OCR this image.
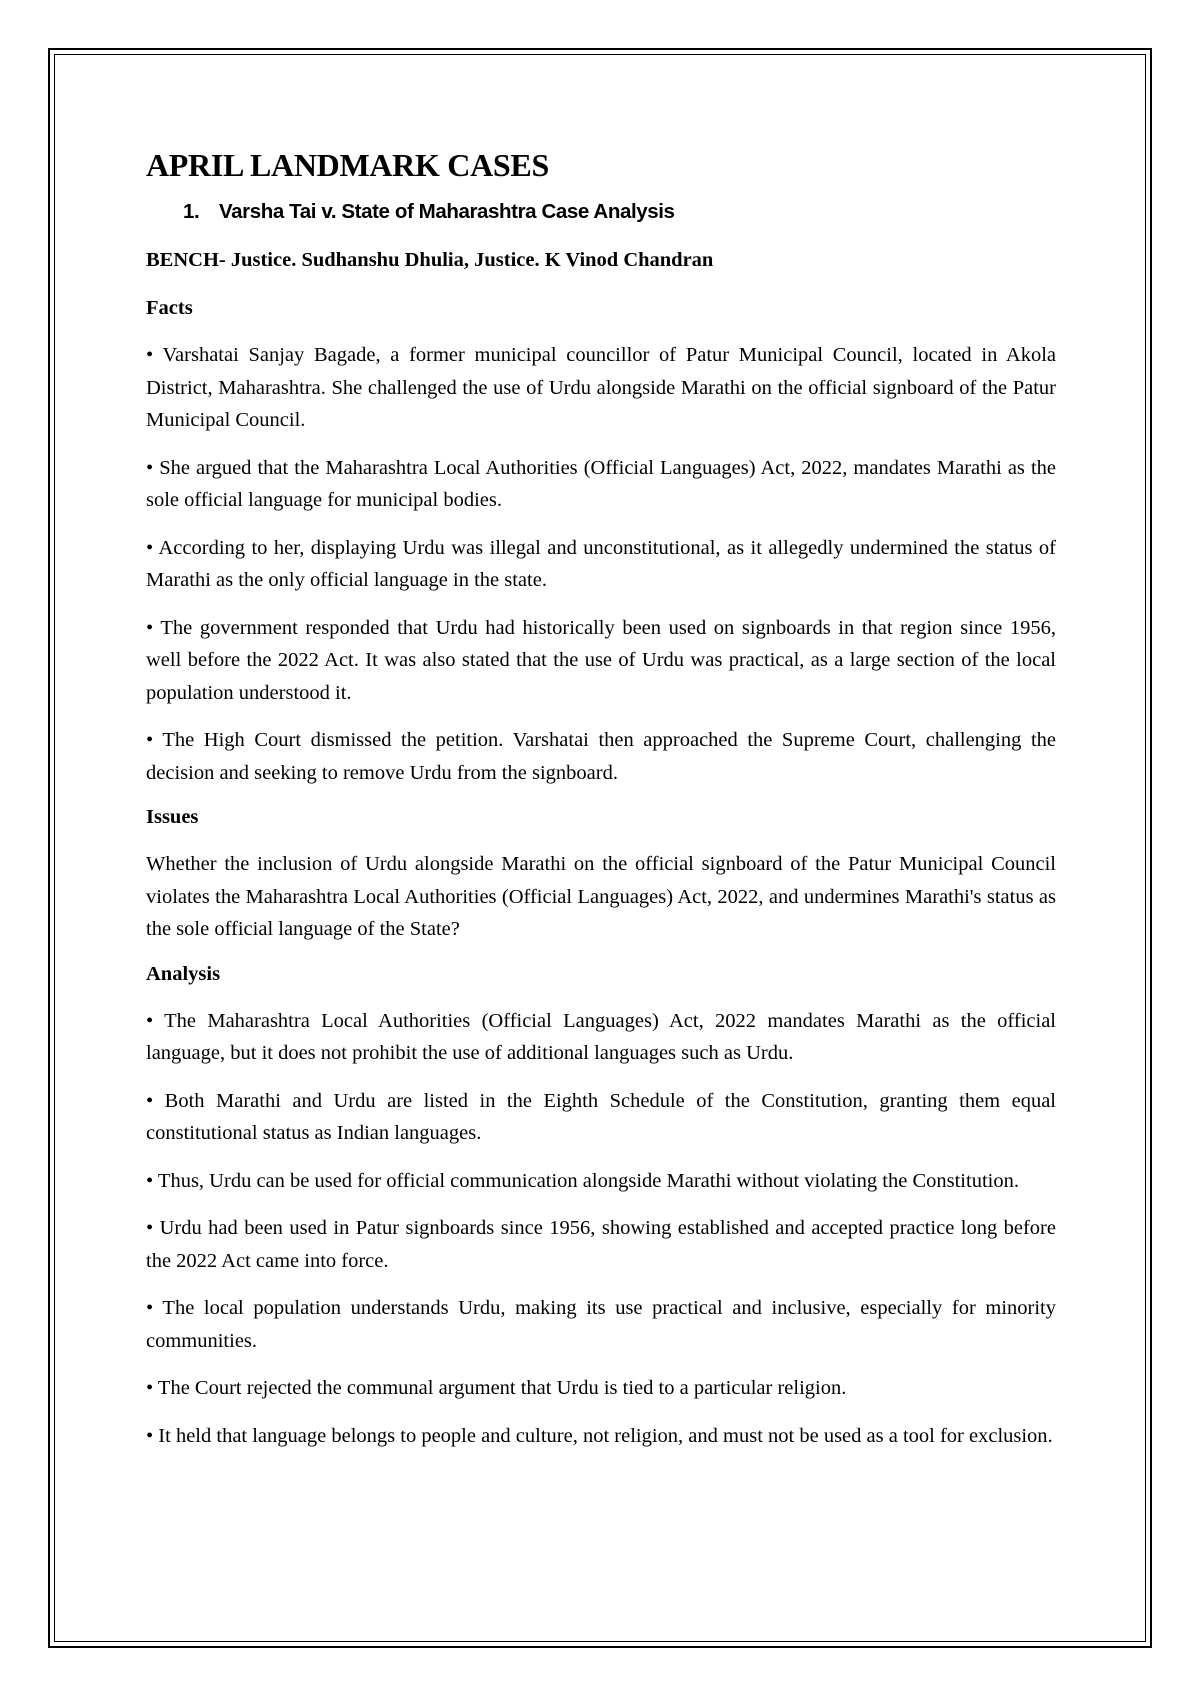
APRIL LANDMARK CASES
1. Varsha Tai v. State of Maharashtra Case Analysis
BENCH- Justice. Sudhanshu Dhulia, Justice. K Vinod Chandran
Facts

• Varshatai Sanjay Bagade, a former municipal councillor of Patur Municipal Council, located in Akola District, Maharashtra. She challenged the use of Urdu alongside Marathi on the official signboard of the Patur Municipal Council.

• She argued that the Maharashtra Local Authorities (Official Languages) Act, 2022, mandates Marathi as the sole official language for municipal bodies.

• According to her, displaying Urdu was illegal and unconstitutional, as it allegedly undermined the status of Marathi as the only official language in the state.

• The government responded that Urdu had historically been used on signboards in that region since 1956, well before the 2022 Act. It was also stated that the use of Urdu was practical, as a large section of the local population understood it.

• The High Court dismissed the petition. Varshatai then approached the Supreme Court, challenging the decision and seeking to remove Urdu from the signboard.

Issues

Whether the inclusion of Urdu alongside Marathi on the official signboard of the Patur Municipal Council violates the Maharashtra Local Authorities (Official Languages) Act, 2022, and undermines Marathi's status as the sole official language of the State?

Analysis

• The Maharashtra Local Authorities (Official Languages) Act, 2022 mandates Marathi as the official language, but it does not prohibit the use of additional languages such as Urdu.

• Both Marathi and Urdu are listed in the Eighth Schedule of the Constitution, granting them equal constitutional status as Indian languages.

• Thus, Urdu can be used for official communication alongside Marathi without violating the Constitution.

• Urdu had been used in Patur signboards since 1956, showing established and accepted practice long before the 2022 Act came into force.

• The local population understands Urdu, making its use practical and inclusive, especially for minority communities.

• The Court rejected the communal argument that Urdu is tied to a particular religion.

• It held that language belongs to people and culture, not religion, and must not be used as a tool for exclusion.
